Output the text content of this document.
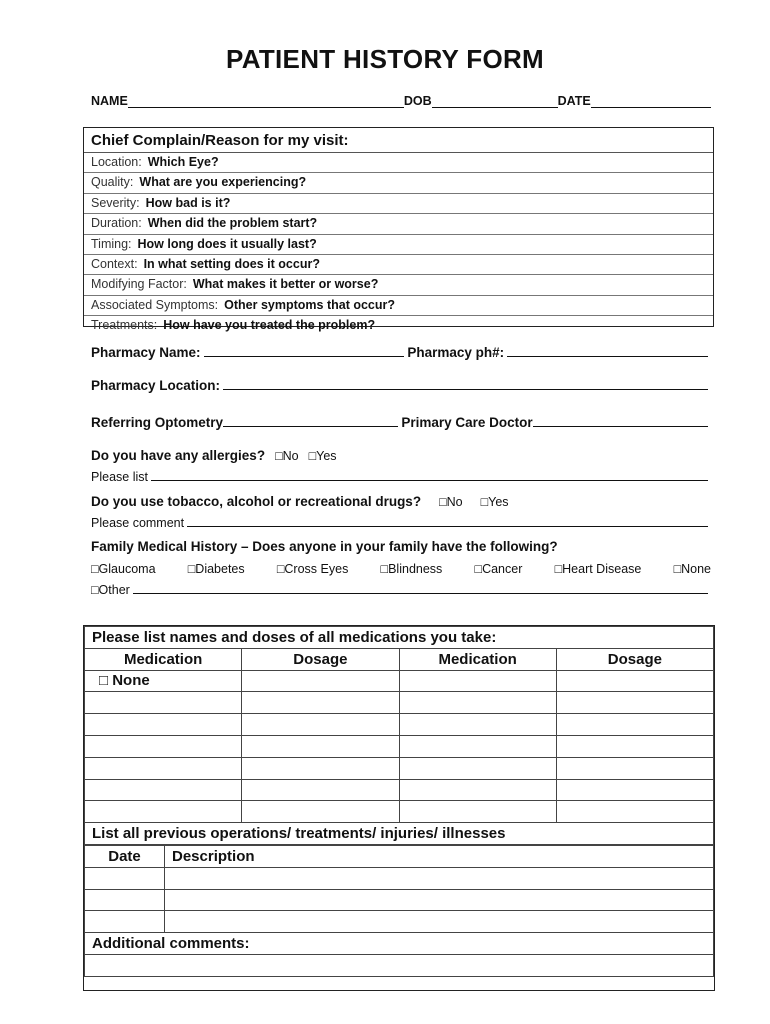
PATIENT HISTORY FORM
NAME	DOB	DATE
Chief Complain/Reason for my visit:
Location: Which Eye?
Quality: What are you experiencing?
Severity: How bad is it?
Duration: When did the problem start?
Timing: How long does it usually last?
Context: In what setting does it occur?
Modifying Factor: What makes it better or worse?
Associated Symptoms: Other symptoms that occur?
Treatments: How have you treated the problem?
Pharmacy Name:	Pharmacy ph#:
Pharmacy Location:
Referring Optometry	Primary Care Doctor
Do you have any allergies? □No □Yes
Please list
Do you use tobacco, alcohol or recreational drugs? □No □Yes
Please comment
Family Medical History – Does anyone in your family have the following?
□Glaucoma	□Diabetes	□Cross Eyes	□Blindness	□Cancer	□Heart Disease	□None
□Other
Please list names and doses of all medications you take:			
Medication	Dosage	Medication	Dosage
□ None			

List all previous operations/ treatments/ injuries/ illnesses			
Date	Description

Additional comments:	
